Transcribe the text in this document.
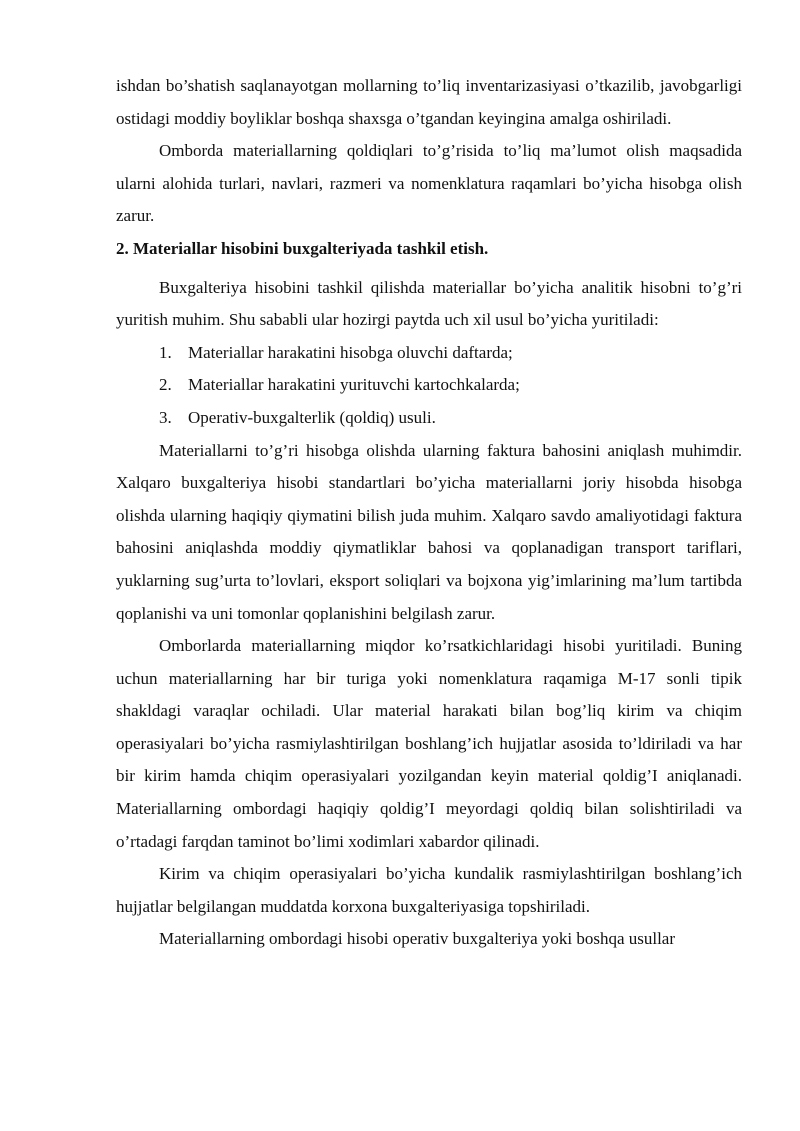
ishdan bo’shatish saqlanayotgan mollarning to’liq inventarizasiyasi o’tkazilib, javobgarligi ostidagi moddiy boyliklar boshqa shaxsga o’tgandan keyingina amalga oshiriladi.

Omborda materiallarning qoldiqlari to’g’risida to’liq ma’lumot olish maqsadida ularni alohida turlari, navlari, razmeri va nomenklatura raqamlari bo’yicha hisobga olish zarur.

2. Materiallar hisobini buxgalteriyada tashkil etish.

Buxgalteriya hisobini tashkil qilishda materiallar bo’yicha analitik hisobni to’g’ri yuritish muhim. Shu sababli ular hozirgi paytda uch xil usul bo’yicha yuritiladi:

1. Materiallar harakatini hisobga oluvchi daftarda;
2. Materiallar harakatini yurituvchi kartochkalarda;
3. Operativ-buxgalterlik (qoldiq) usuli.

Materiallarni to’g’ri hisobga olishda ularning faktura bahosini aniqlash muhimdir. Xalqaro buxgalteriya hisobi standartlari bo’yicha materiallarni joriy hisobda hisobga olishda ularning haqiqiy qiymatini bilish juda muhim. Xalqaro savdo amaliyotidagi faktura bahosini aniqlashda moddiy qiymatliklar bahosi va qoplanadigan transport tariflari, yuklarning sug’urta to’lovlari, eksport soliqlari va bojxona yig’imlarining ma’lum tartibda qoplanishi va uni tomonlar qoplanishini belgilash zarur.

Omborlarda materiallarning miqdor ko’rsatkichlaridagi hisobi yuritiladi. Buning uchun materiallarning har bir turiga yoki nomenklatura raqamiga M-17 sonli tipik shakldagi varaqlar ochiladi. Ular material harakati bilan bog’liq kirim va chiqim operasiyalari bo’yicha rasmiylashtirilgan boshlang’ich hujjatlar asosida to’ldiriladi va har bir kirim hamda chiqim operasiyalari yozilgandan keyin material qoldig’I aniqlanadi. Materiallarning ombordagi haqiqiy qoldig’I meyordagi qoldiq bilan solishtiriladi va o’rtadagi farqdan taminot bo’limi xodimlari xabardor qilinadi.

Kirim va chiqim operasiyalari bo’yicha kundalik rasmiylashtirilgan boshlang’ich hujjatlar belgilangan muddatda korxona buxgalteriyasiga topshiriladi.

Materiallarning ombordagi hisobi operativ buxgalteriya yoki boshqa usullar
